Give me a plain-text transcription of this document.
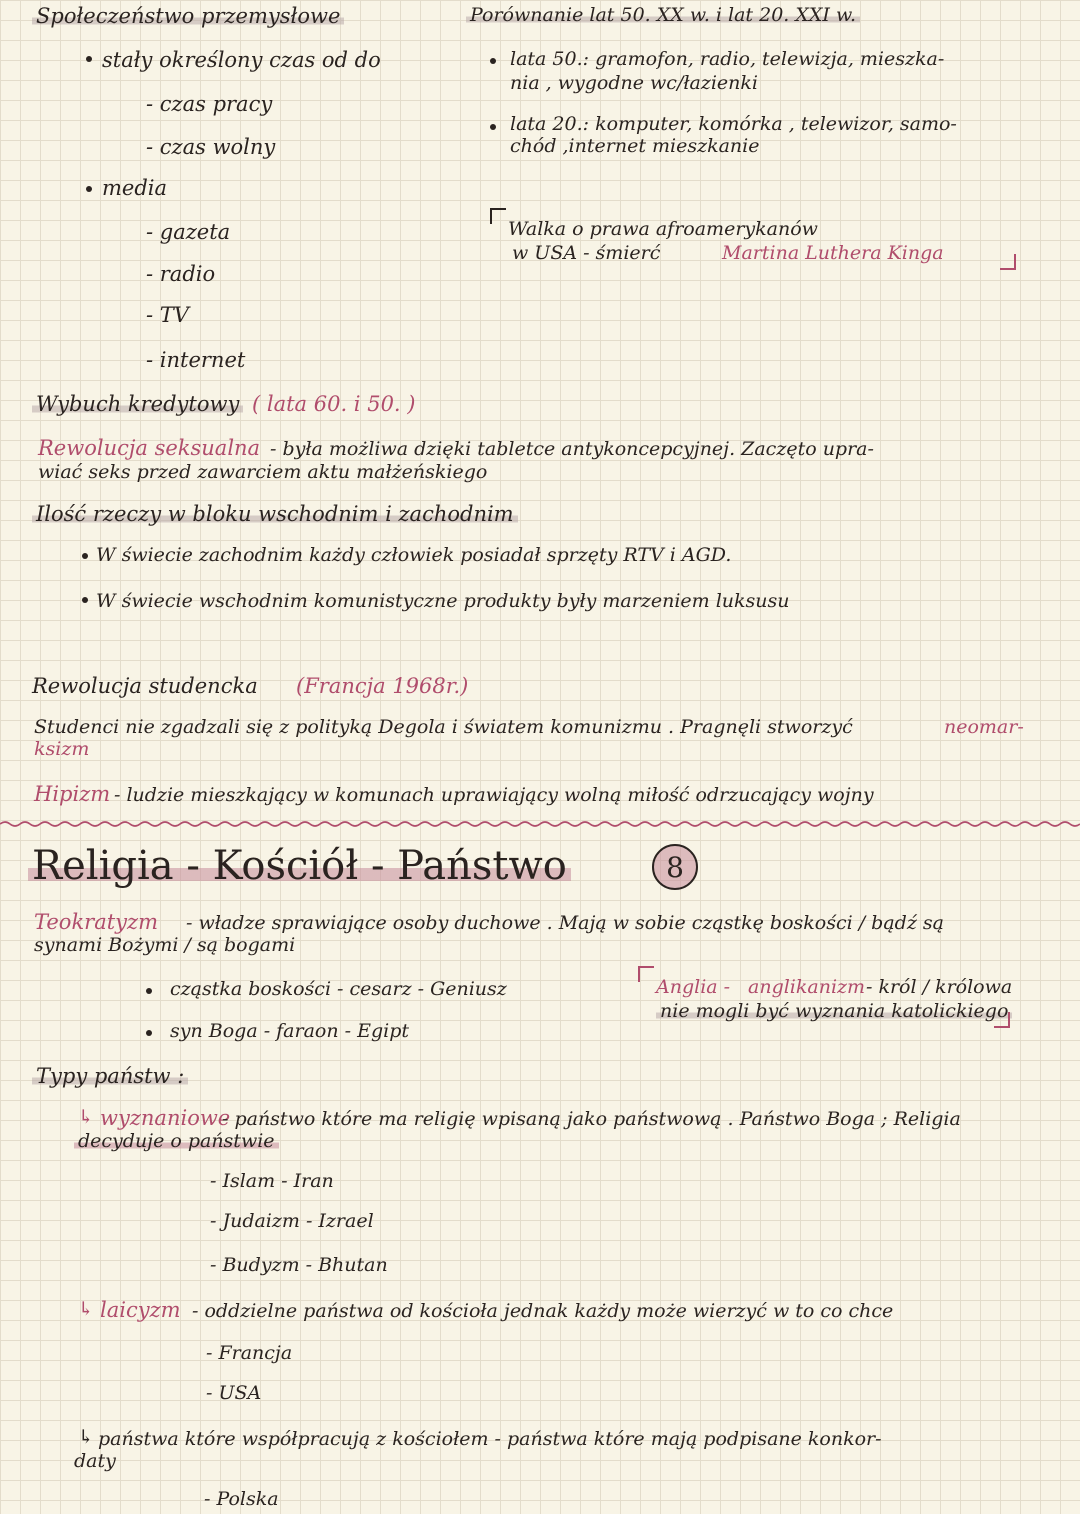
Społeczeństwo przemysłowe
stały określony czas od do
- czas pracy
- czas wolny
media
- gazeta
- radio
- TV
- internet
Porównanie lat 50. XX w. i lat 20. XXI w.
lata 50.: gramofon, radio, telewizja, mieszka-
nia , wygodne wc/łazienki
lata 20.: komputer, komórka , telewizor, samo-
chód ,internet mieszkanie
Walka o prawa afroamerykanów
w USA - śmierć	Martina Luthera Kinga
Wybuch kredytowy ( lata 60. i 50. )
Rewolucja seksualna - była możliwa dzięki tabletce antykoncepcyjnej. Zaczęto upra-
wiać seks przed zawarciem aktu małżeńskiego
Ilość rzeczy w bloku wschodnim i zachodnim
W świecie zachodnim każdy człowiek posiadał sprzęty RTV i AGD.
W świecie wschodnim komunistyczne produkty były marzeniem luksusu
Rewolucja studencka (Francja 1968r.)
Studenci nie zgadzali się z polityką Degola i światem komunizmu . Pragnęli stworzyć	neomar-
ksizm
Hipizm - ludzie mieszkający w komunach uprawiający wolną miłość odrzucający wojny
Religia - Kościół - Państwo	8
Teokratyzm - władze sprawiające osoby duchowe . Mają w sobie cząstkę boskości / bądź są
synami Bożymi / są bogami
cząstka boskości - cesarz - Geniusz
syn Boga - faraon - Egipt
Anglia - anglikanizm - król / królowa
nie mogli być wyznania katolickiego
Typy państw :
↳ wyznaniowe
- państwo które ma religię wpisaną jako państwową . Państwo Boga ; Religia
decyduje o państwie
- Islam - Iran
- Judaizm - Izrael
- Budyzm - Bhutan
↳ laicyzm - oddzielne państwa od kościoła jednak każdy może wierzyć w to co chce
- Francja
- USA
↳ państwa które współpracują z kościołem - państwa które mają podpisane konkor-
daty
- Polska
